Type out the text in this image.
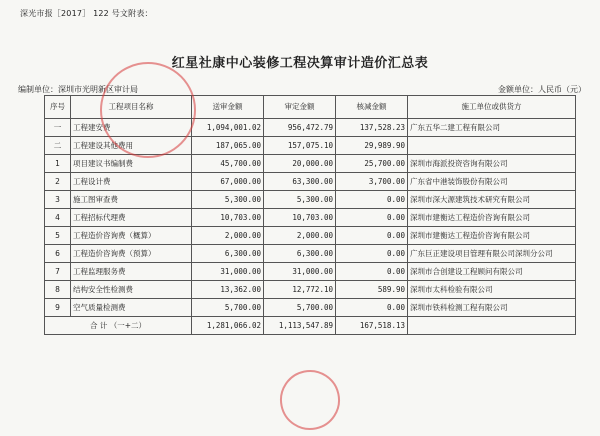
深光市报［2017］ 122 号文附表：
红星社康中心装修工程决算审计造价汇总表
编制单位：深圳市光明新区审计局	金额单位：人民币（元）
序号	工程项目名称	送审金额	审定金额	核减金额	施工单位或供货方
一	工程建安费	1,094,001.02	956,472.79	137,528.23	广东五华二建工程有限公司
二	工程建设其他费用	187,065.00	157,075.10	29,989.90	
1	项目建议书编制费	45,700.00	20,000.00	25,700.00	深圳市海派投资咨询有限公司
2	工程设计费	67,000.00	63,300.00	3,700.00	广东省中港装饰股份有限公司
3	施工图审查费	5,300.00	5,300.00	0.00	深圳市深大源建筑技术研究有限公司
4	工程招标代理费	10,703.00	10,703.00	0.00	深圳市建衡达工程造价咨询有限公司
5	工程造价咨询费（概算）	2,000.00	2,000.00	0.00	深圳市建衡达工程造价咨询有限公司
6	工程造价咨询费（预算）	6,300.00	6,300.00	0.00	广东巨正建设项目管理有限公司深圳分公司
7	工程监理服务费	31,000.00	31,000.00	0.00	深圳市合创建设工程顾问有限公司
8	结构安全性检测费	13,362.00	12,772.10	589.90	深圳市太科检验有限公司
9	空气质量检测费	5,700.00	5,700.00	0.00	深圳市铁科检测工程有限公司
合 计 （一+二）		1,281,066.02	1,113,547.89	167,518.13	
